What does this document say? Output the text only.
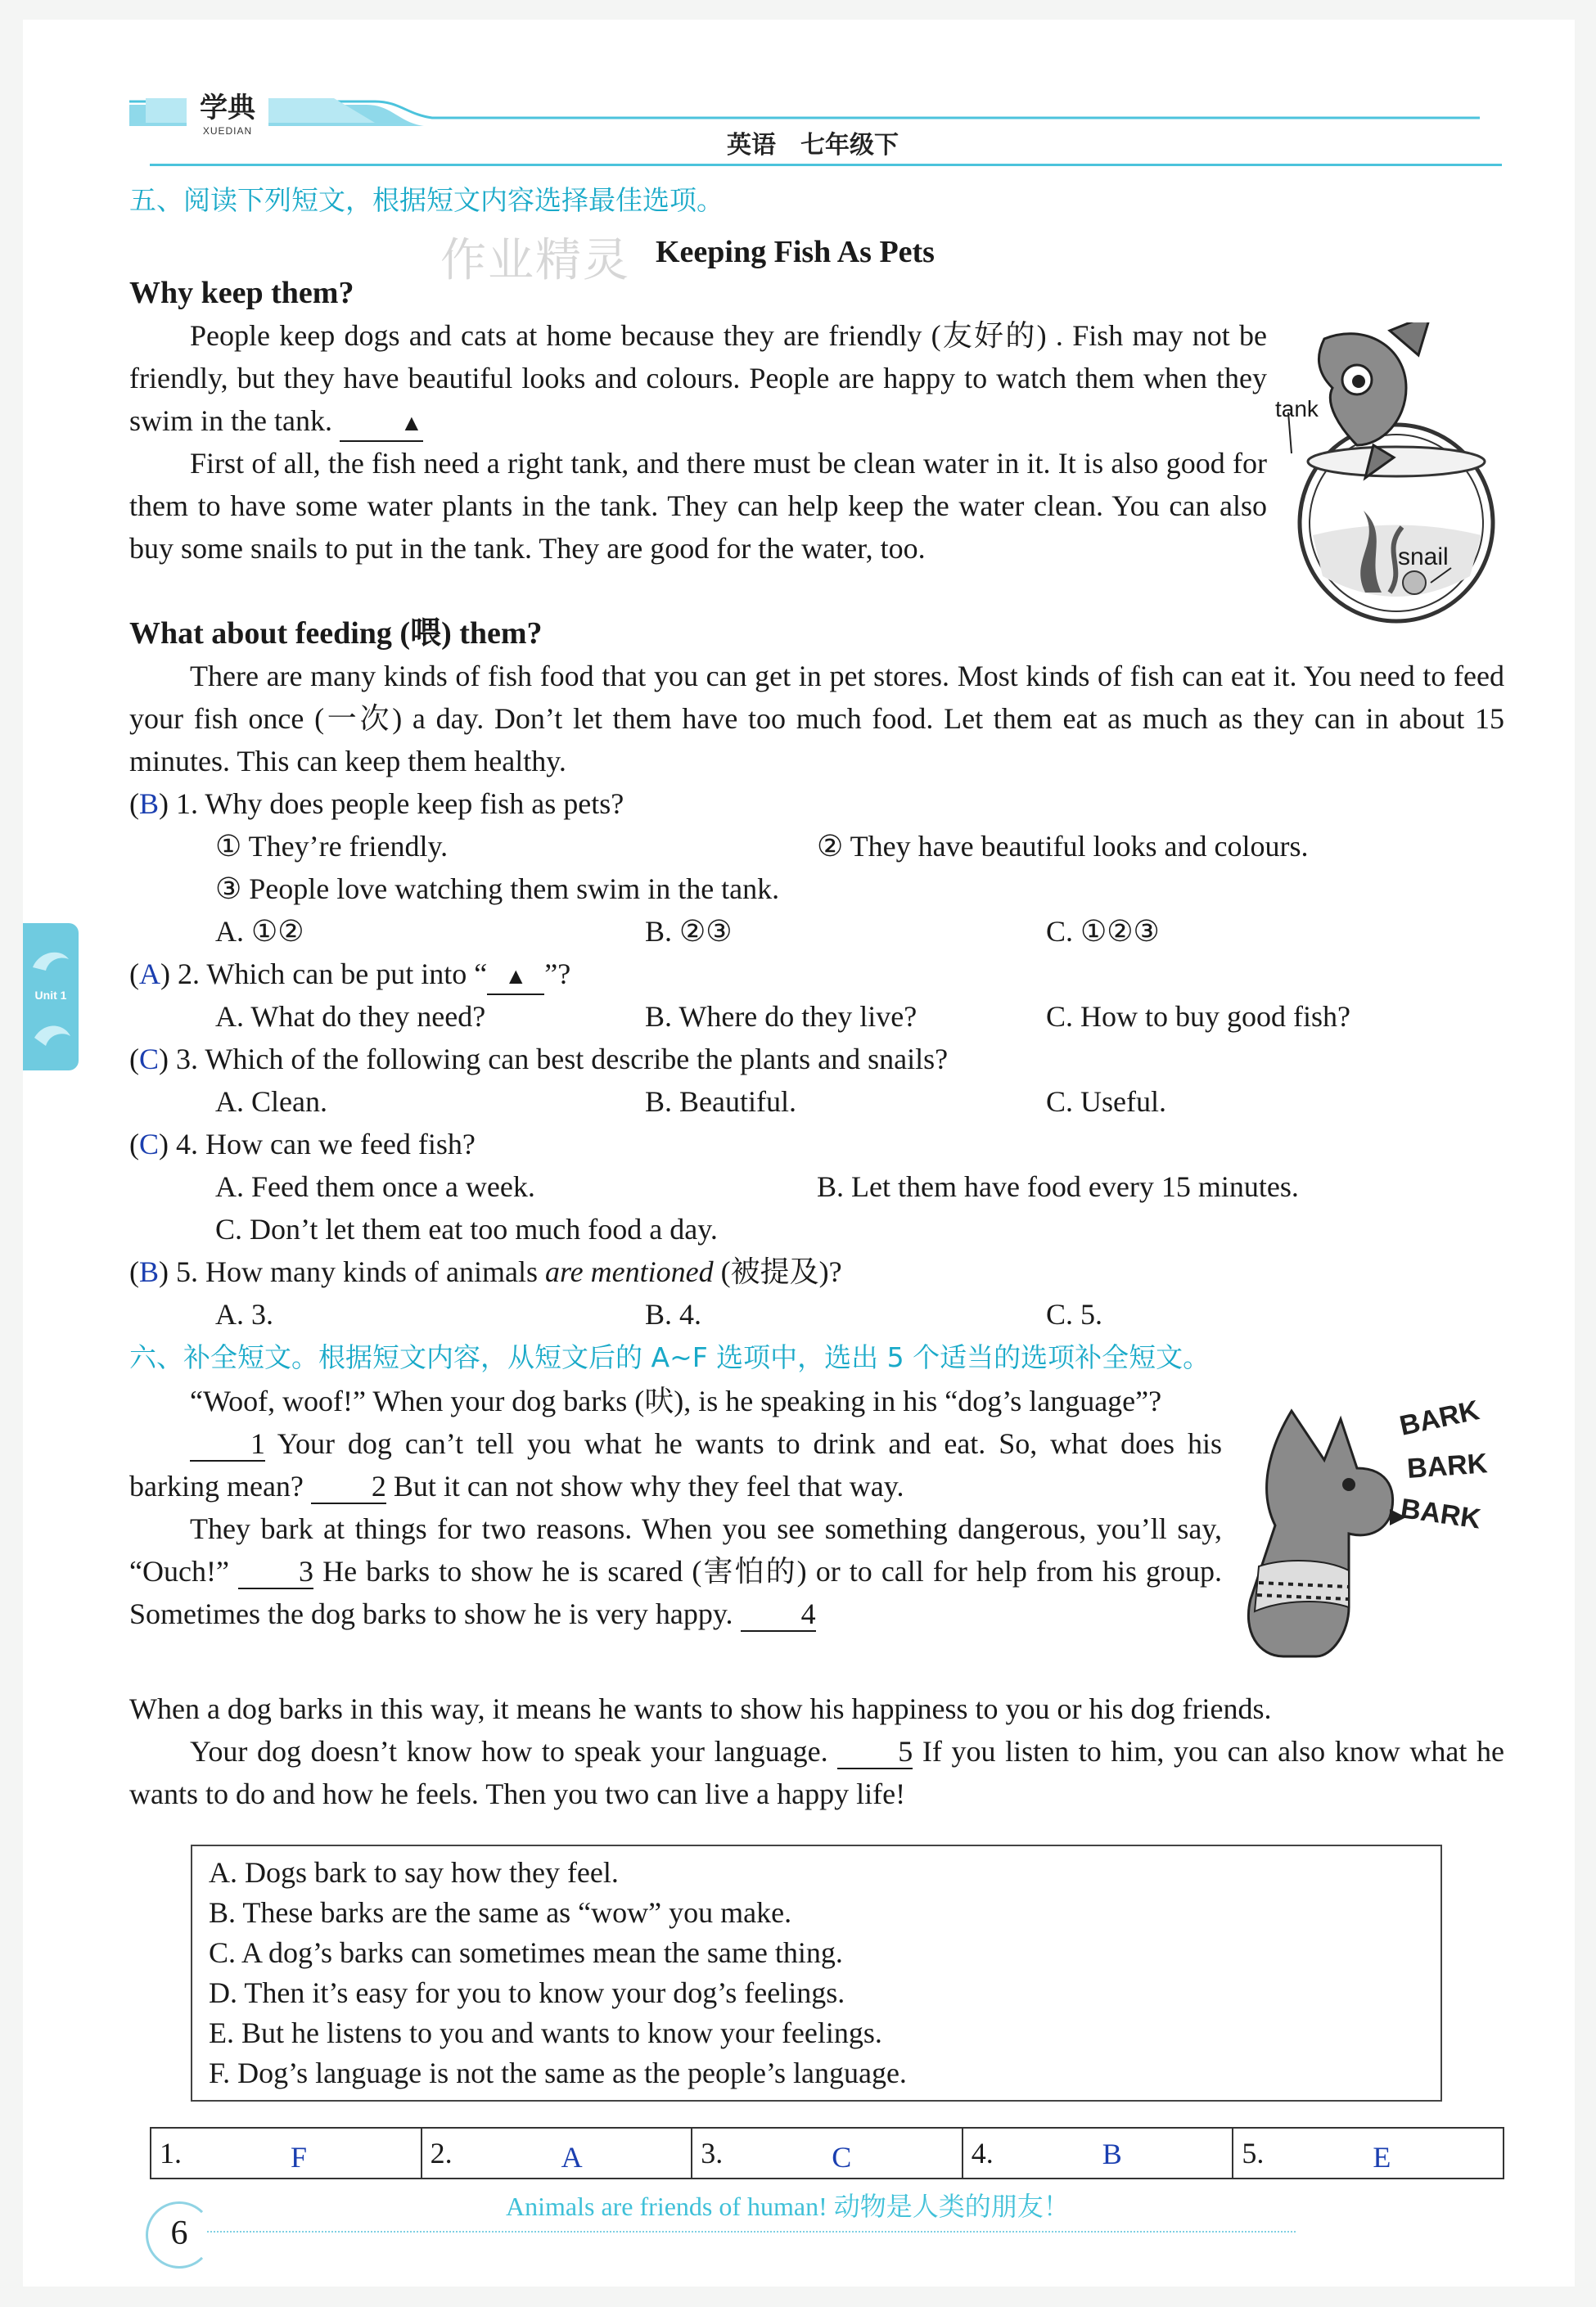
学典
XUEDIAN	英语　七年级下
Unit 1
五、阅读下列短文，根据短文内容选择最佳选项。
作业精灵 Keeping Fish As Pets
Why keep them?

People keep dogs and cats at home because they are friendly (友好的) . Fish may not be friendly, but they have beautiful looks and colours. People are happy to watch them when they swim in the tank.	▲

First of all, the fish need a right tank, and there must be clean water in it. It is also good for them to have some water plants in the tank. They can help keep the water clean. You can also buy some snails to put in the tank. They are good for the water, too.

tank
snail
What about feeding (喂) them?

There are many kinds of fish food that you can get in pet stores. Most kinds of fish can eat it. You need to feed your fish once (一次) a day. Don’t let them have too much food. Let them eat as much as they can in about 15 minutes. This can keep them healthy.

(B) 1. Why does people keep fish as pets?
① They’re friendly.	② They have beautiful looks and colours.
③ People love watching them swim in the tank.
A. ①②	B. ②③	C. ①②③
(A) 2. Which can be put into “ ▲ ”?
A. What do they need?	B. Where do they live?	C. How to buy good fish?
(C) 3. Which of the following can best describe the plants and snails?
A. Clean.	B. Beautiful.	C. Useful.
(C) 4. How can we feed fish?
A. Feed them once a week.	B. Let them have food every 15 minutes.
C. Don’t let them eat too much food a day.
(B) 5. How many kinds of animals are mentioned (被提及)?
A. 3.	B. 4.	C. 5.
六、补全短文。根据短文内容，从短文后的 A~F 选项中，选出 5 个适当的选项补全短文。

“Woof, woof!” When your dog barks (吠), is he speaking in his “dog’s language”?

1 Your dog can’t tell you what he wants to drink and eat. So, what does his barking mean? 2 But it can not show why they feel that way.

They bark at things for two reasons. When you see something dangerous, you’ll say, “Ouch!” 3 He barks to show he is scared (害怕的) or to call for help from his group. Sometimes the dog barks to show he is very happy. 4

When a dog barks in this way, it means he wants to show his happiness to you or his dog friends.

Your dog doesn’t know how to speak your language. 5 If you listen to him, you can also know what he wants to do and how he feels. Then you two can live a happy life!

BARK
BARK
BARK
A. Dogs bark to say how they feel.
B. These barks are the same as “wow” you make.
C. A dog’s barks can sometimes mean the same thing.
D. Then it’s easy for you to know your dog’s feelings.
E. But he listens to you and wants to know your feelings.
F. Dog’s language is not the same as the people’s language.
1.	F	2.	A	3.	C	4.	B	5.	E
6
Animals are friends of human! 动物是人类的朋友！
